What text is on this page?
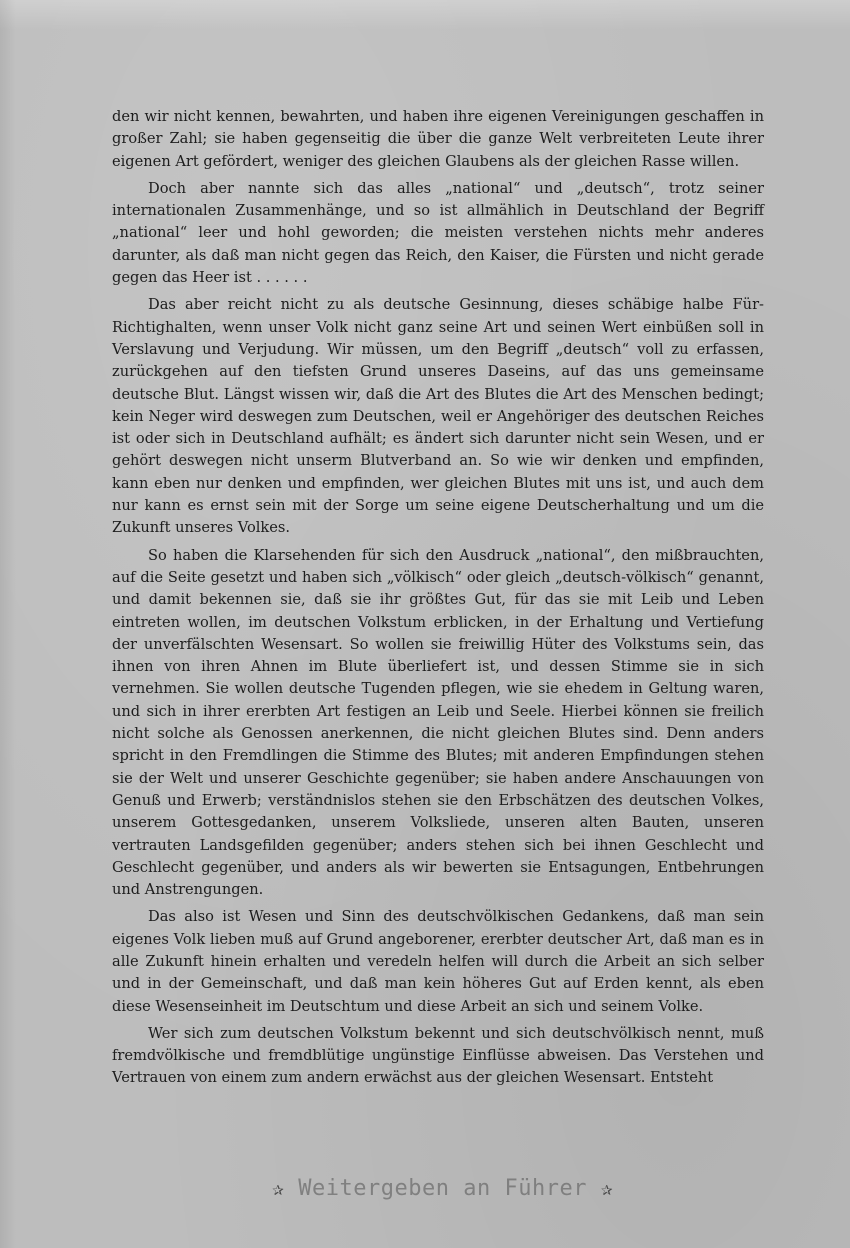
den wir nicht kennen, bewahrten, und haben ihre eigenen Vereinigungen geschaffen in großer Zahl; sie haben gegenseitig die über die ganze Welt verbreiteten Leute ihrer eigenen Art gefördert, weniger des gleichen Glaubens als der gleichen Rasse willen.

Doch aber nannte sich das alles „national“ und „deutsch“, trotz seiner internationalen Zusammenhänge, und so ist allmählich in Deutschland der Begriff „national“ leer und hohl geworden; die meisten verstehen nichts mehr anderes darunter, als daß man nicht gegen das Reich, den Kaiser, die Fürsten und nicht gerade gegen das Heer ist . . . . . .

Das aber reicht nicht zu als deutsche Gesinnung, dieses schäbige halbe Für-Richtighalten, wenn unser Volk nicht ganz seine Art und seinen Wert einbüßen soll in Verslavung und Verjudung. Wir müssen, um den Begriff „deutsch“ voll zu erfassen, zurückgehen auf den tiefsten Grund unseres Daseins, auf das uns gemeinsame deutsche Blut. Längst wissen wir, daß die Art des Blutes die Art des Menschen bedingt; kein Neger wird deswegen zum Deutschen, weil er Angehöriger des deutschen Reiches ist oder sich in Deutschland aufhält; es ändert sich darunter nicht sein Wesen, und er gehört deswegen nicht unserm Blutverband an. So wie wir denken und empfinden, kann eben nur denken und empfinden, wer gleichen Blutes mit uns ist, und auch dem nur kann es ernst sein mit der Sorge um seine eigene Deutscherhaltung und um die Zukunft unseres Volkes.

So haben die Klarsehenden für sich den Ausdruck „national“, den mißbrauchten, auf die Seite gesetzt und haben sich „völkisch“ oder gleich „deutsch-völkisch“ genannt, und damit bekennen sie, daß sie ihr größtes Gut, für das sie mit Leib und Leben eintreten wollen, im deutschen Volkstum erblicken, in der Erhaltung und Vertiefung der unverfälschten Wesensart. So wollen sie freiwillig Hüter des Volkstums sein, das ihnen von ihren Ahnen im Blute überliefert ist, und dessen Stimme sie in sich vernehmen. Sie wollen deutsche Tugenden pflegen, wie sie ehedem in Geltung waren, und sich in ihrer ererbten Art festigen an Leib und Seele. Hierbei können sie freilich nicht solche als Genossen anerkennen, die nicht gleichen Blutes sind. Denn anders spricht in den Fremdlingen die Stimme des Blutes; mit anderen Empfindungen stehen sie der Welt und unserer Geschichte gegenüber; sie haben andere Anschauungen von Genuß und Erwerb; verständnislos stehen sie den Erbschätzen des deutschen Volkes, unserem Gottesgedanken, unserem Volksliede, unseren alten Bauten, unseren vertrauten Landsgefilden gegenüber; anders stehen sich bei ihnen Geschlecht und Geschlecht gegenüber, und anders als wir bewerten sie Entsagungen, Entbehrungen und Anstrengungen.

Das also ist Wesen und Sinn des deutschvölkischen Gedankens, daß man sein eigenes Volk lieben muß auf Grund angeborener, ererbter deutscher Art, daß man es in alle Zukunft hinein erhalten und veredeln helfen will durch die Arbeit an sich selber und in der Gemeinschaft, und daß man kein höheres Gut auf Erden kennt, als eben diese Wesenseinheit im Deutschtum und diese Arbeit an sich und seinem Volke.

Wer sich zum deutschen Volkstum bekennt und sich deutschvölkisch nennt, muß fremdvölkische und fremdblütige ungünstige Einflüsse abweisen. Das Verstehen und Vertrauen von einem zum andern erwächst aus der gleichen Wesensart. Entsteht

✰ Weitergeben an Führer ✰
